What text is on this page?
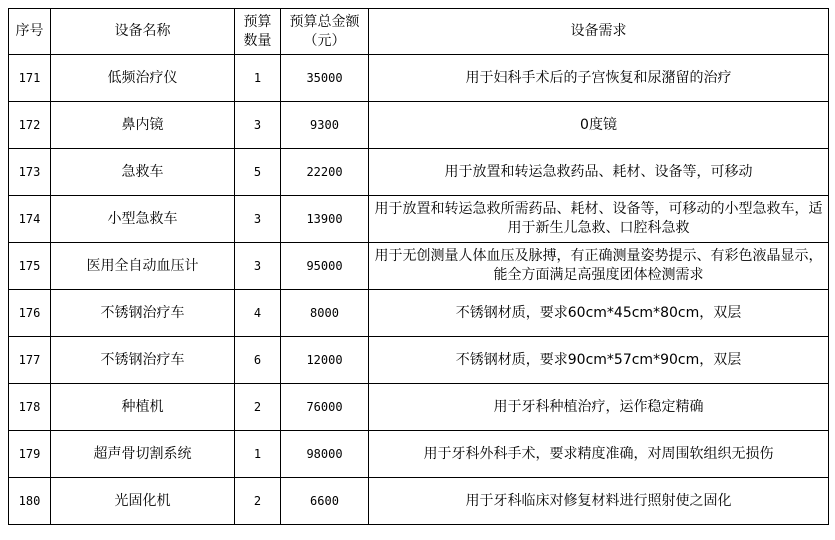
序号	设备名称	预算数量	预算总金额（元）	设备需求
171	低频治疗仪	1	35000	用于妇科手术后的子宫恢复和尿潴留的治疗
172	鼻内镜	3	9300	0度镜
173	急救车	5	22200	用于放置和转运急救药品、耗材、设备等，可移动
174	小型急救车	3	13900	用于放置和转运急救所需药品、耗材、设备等，可移动的小型急救车，适用于新生儿急救、口腔科急救
175	医用全自动血压计	3	95000	用于无创测量人体血压及脉搏，有正确测量姿势提示、有彩色液晶显示，能全方面满足高强度团体检测需求
176	不锈钢治疗车	4	8000	不锈钢材质，要求60cm*45cm*80cm，双层
177	不锈钢治疗车	6	12000	不锈钢材质，要求90cm*57cm*90cm，双层
178	种植机	2	76000	用于牙科种植治疗，运作稳定精确
179	超声骨切割系统	1	98000	用于牙科外科手术，要求精度准确，对周围软组织无损伤
180	光固化机	2	6600	用于牙科临床对修复材料进行照射使之固化
